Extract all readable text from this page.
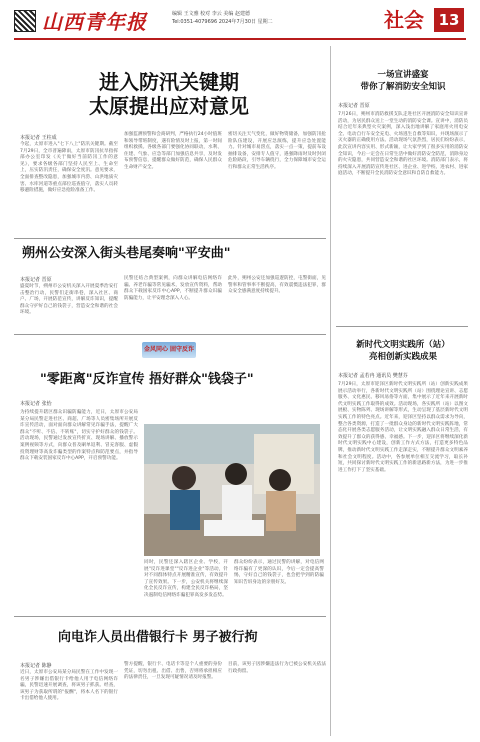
山西青年报	编辑 王文雅 校对 李云 美编 赵建德
Tel:0351-4079696 2024年7月30日 星期二	社会 13
进入防汛关键期
太原提出应对意见
本报记者 王柱成
今起，太原市进入"七下八上"防汛关键期。截至7月29日，全市普遍降雨，太原市防汛抗旱指挥部办公室印发《关于做好当前防汛工作的意见》，要求各级各部门坚持人民至上、生命至上，压实防汛责任，确保安全度汛。意见要求，全面排查整改隐患，加强城市内涝、山洪地质灾害、水库河道等重点部位巡查值守，落实人员转移避险措施，做好应急抢险准备工作。
加强监测预警和会商研判，严格执行24小时值班和领导带班制度，遇有险情及时上报，第一时间组织救援。各级各部门要强化协同联动，水利、住建、气象、应急等部门加强信息共享，及时发布预警信息，提醒群众做好防范，确保人民群众生命财产安全。
密切关注天气变化，做好物资储备，加强防汛抢险队伍建设，开展应急演练，提升应急处置能力。针对城市易涝点，落实一点一策，提前布设抽排设备，安排专人值守，遇强降雨时及时封闭危险路段，引导车辆绕行，全力保障城市安全运行和群众正常生活秩序。
朔州公安深入街头巷尾奏响"平安曲"
本报记者 晋原
盛夏时节，朔州市公安机关深入开展夏季治安打击整治行动，民警们走街串巷，深入社区、商户、广场，开展防范宣传，讲解反诈知识，提醒群众守护好自己的钱袋子，营造安全和谐的社会环境。
民警还结合典型案例，向群众讲解电信网络诈骗、养老诈骗等常见骗术，发放宣传资料，帮助群众下载国家反诈中心APP，不断提升群众识骗防骗能力，让平安理念深入人心。
此外，朔州公安还加强巡逻防控，屯警街面，见警率和管事率不断提高，有效震慑违法犯罪，群众安全感满意度持续提升。
金风同心 固守反诈
"零距离"反诈宣传 捂好群众"钱袋子"
本报记者 张怡
为持续提升辖区群众识骗防骗能力，近日，太原市公安局某分局民警走进社区、商超、广场等人员密集场所开展反诈宣传活动，面对面向群众讲解常见诈骗手法，提醒广大群众"不听、不信、不转账"，切实守护好群众的钱袋子。活动现场，民警通过发放宣传折页、现场讲解、播放警示案例视频等方式，向群众普及刷单返利、冒充客服、虚假投资理财等高发诈骗类型的作案特点和防范要点，并指导群众下载安装国家反诈中心APP，开启预警功能。
同时，民警还深入辖区企业、学校，开展"反诈进课堂""反诈进企业"等活动，针对不同群体特点开展精准宣传，有效提升了宣传效果。下一步，公安机关将继续深化全民反诈宣传，构建全民反诈格局，坚决遏制电信网络诈骗犯罪高发多发态势。
群众纷纷表示，通过民警的讲解，对电信网络诈骗有了更深的认识，今后一定会提高警惕，守好自己的钱袋子，也会把学到的防骗知识告诉身边的亲朋好友。
向电诈人员出借银行卡 男子被行拘
本报记者 陈静
近日，太原市公安局某分局民警在工作中发现一名男子涉嫌出借银行卡给他人用于电信网络诈骗，民警迅速开展调查，将该男子抓获。经查，该男子为获取所谓的"报酬"，将本人名下的银行卡出借给他人使用。
警方提醒，银行卡、电话卡等是个人重要的身份凭证，切勿出租、出借、出售，否则将承担相应的法律责任，一旦发现可疑情况请及时报警。
目前，该男子因涉嫌违法行为已被公安机关依法行政拘留。
一场宣讲盛宴
带你了解消防安全知识
本报记者 晋原
7月26日，朔州市消防救援支队走进社区开展消防安全知识宣讲活动，为居民群众送上一堂生动的消防安全课。宣讲中，消防员结合近年来典型火灾案例，深入浅出地讲解了家庭用火用电安全、电动自行车安全充电、火场逃生自救等知识，并现场演示了灭火器的正确使用方法。活动现场气氛热烈，居民们纷纷表示，此次宣讲内容实用、形式新颖，让大家学到了很多实用的消防安全知识，今后一定会在日常生活中做好消防安全防范，消除身边的火灾隐患，共同营造安全和谐的社区环境。消防部门表示，将持续深入开展消防宣传进社区、进企业、进学校、进农村、进家庭活动，不断提升全民消防安全意识和自防自救能力。
新时代文明实践所（站）
亮相创新实践成果
本报记者 孟若冉 通讯员 樊慧芬
7月29日，太原市迎泽区新时代文明实践所（站）创新实践成果展示活动举行，各新时代文明实践所（站）围绕理论宣讲、志愿服务、文化惠民、移风易俗等方面，集中展示了近年来开展新时代文明实践工作取得的成效。活动现场，各实践所（站）以图文展板、实物陈列、现场讲解等形式，生动呈现了基层新时代文明实践工作的特色亮点。近年来，迎泽区坚持以群众需求为导向，整合各类资源，打造了一批群众身边的新时代文明实践阵地，常态化开展各类志愿服务活动，让文明实践融入群众日常生活，有效提升了群众的获得感、幸福感。下一步，迎泽区将继续深化新时代文明实践中心建设，创新工作方式方法，打造更多特色品牌，推动新时代文明实践工作走深走实，不断提升群众文明素养和社会文明程度。活动中，各参展单位相互交流学习，取长补短，共同探讨新时代文明实践工作的新思路新方法，为进一步推进工作打下了坚实基础。
